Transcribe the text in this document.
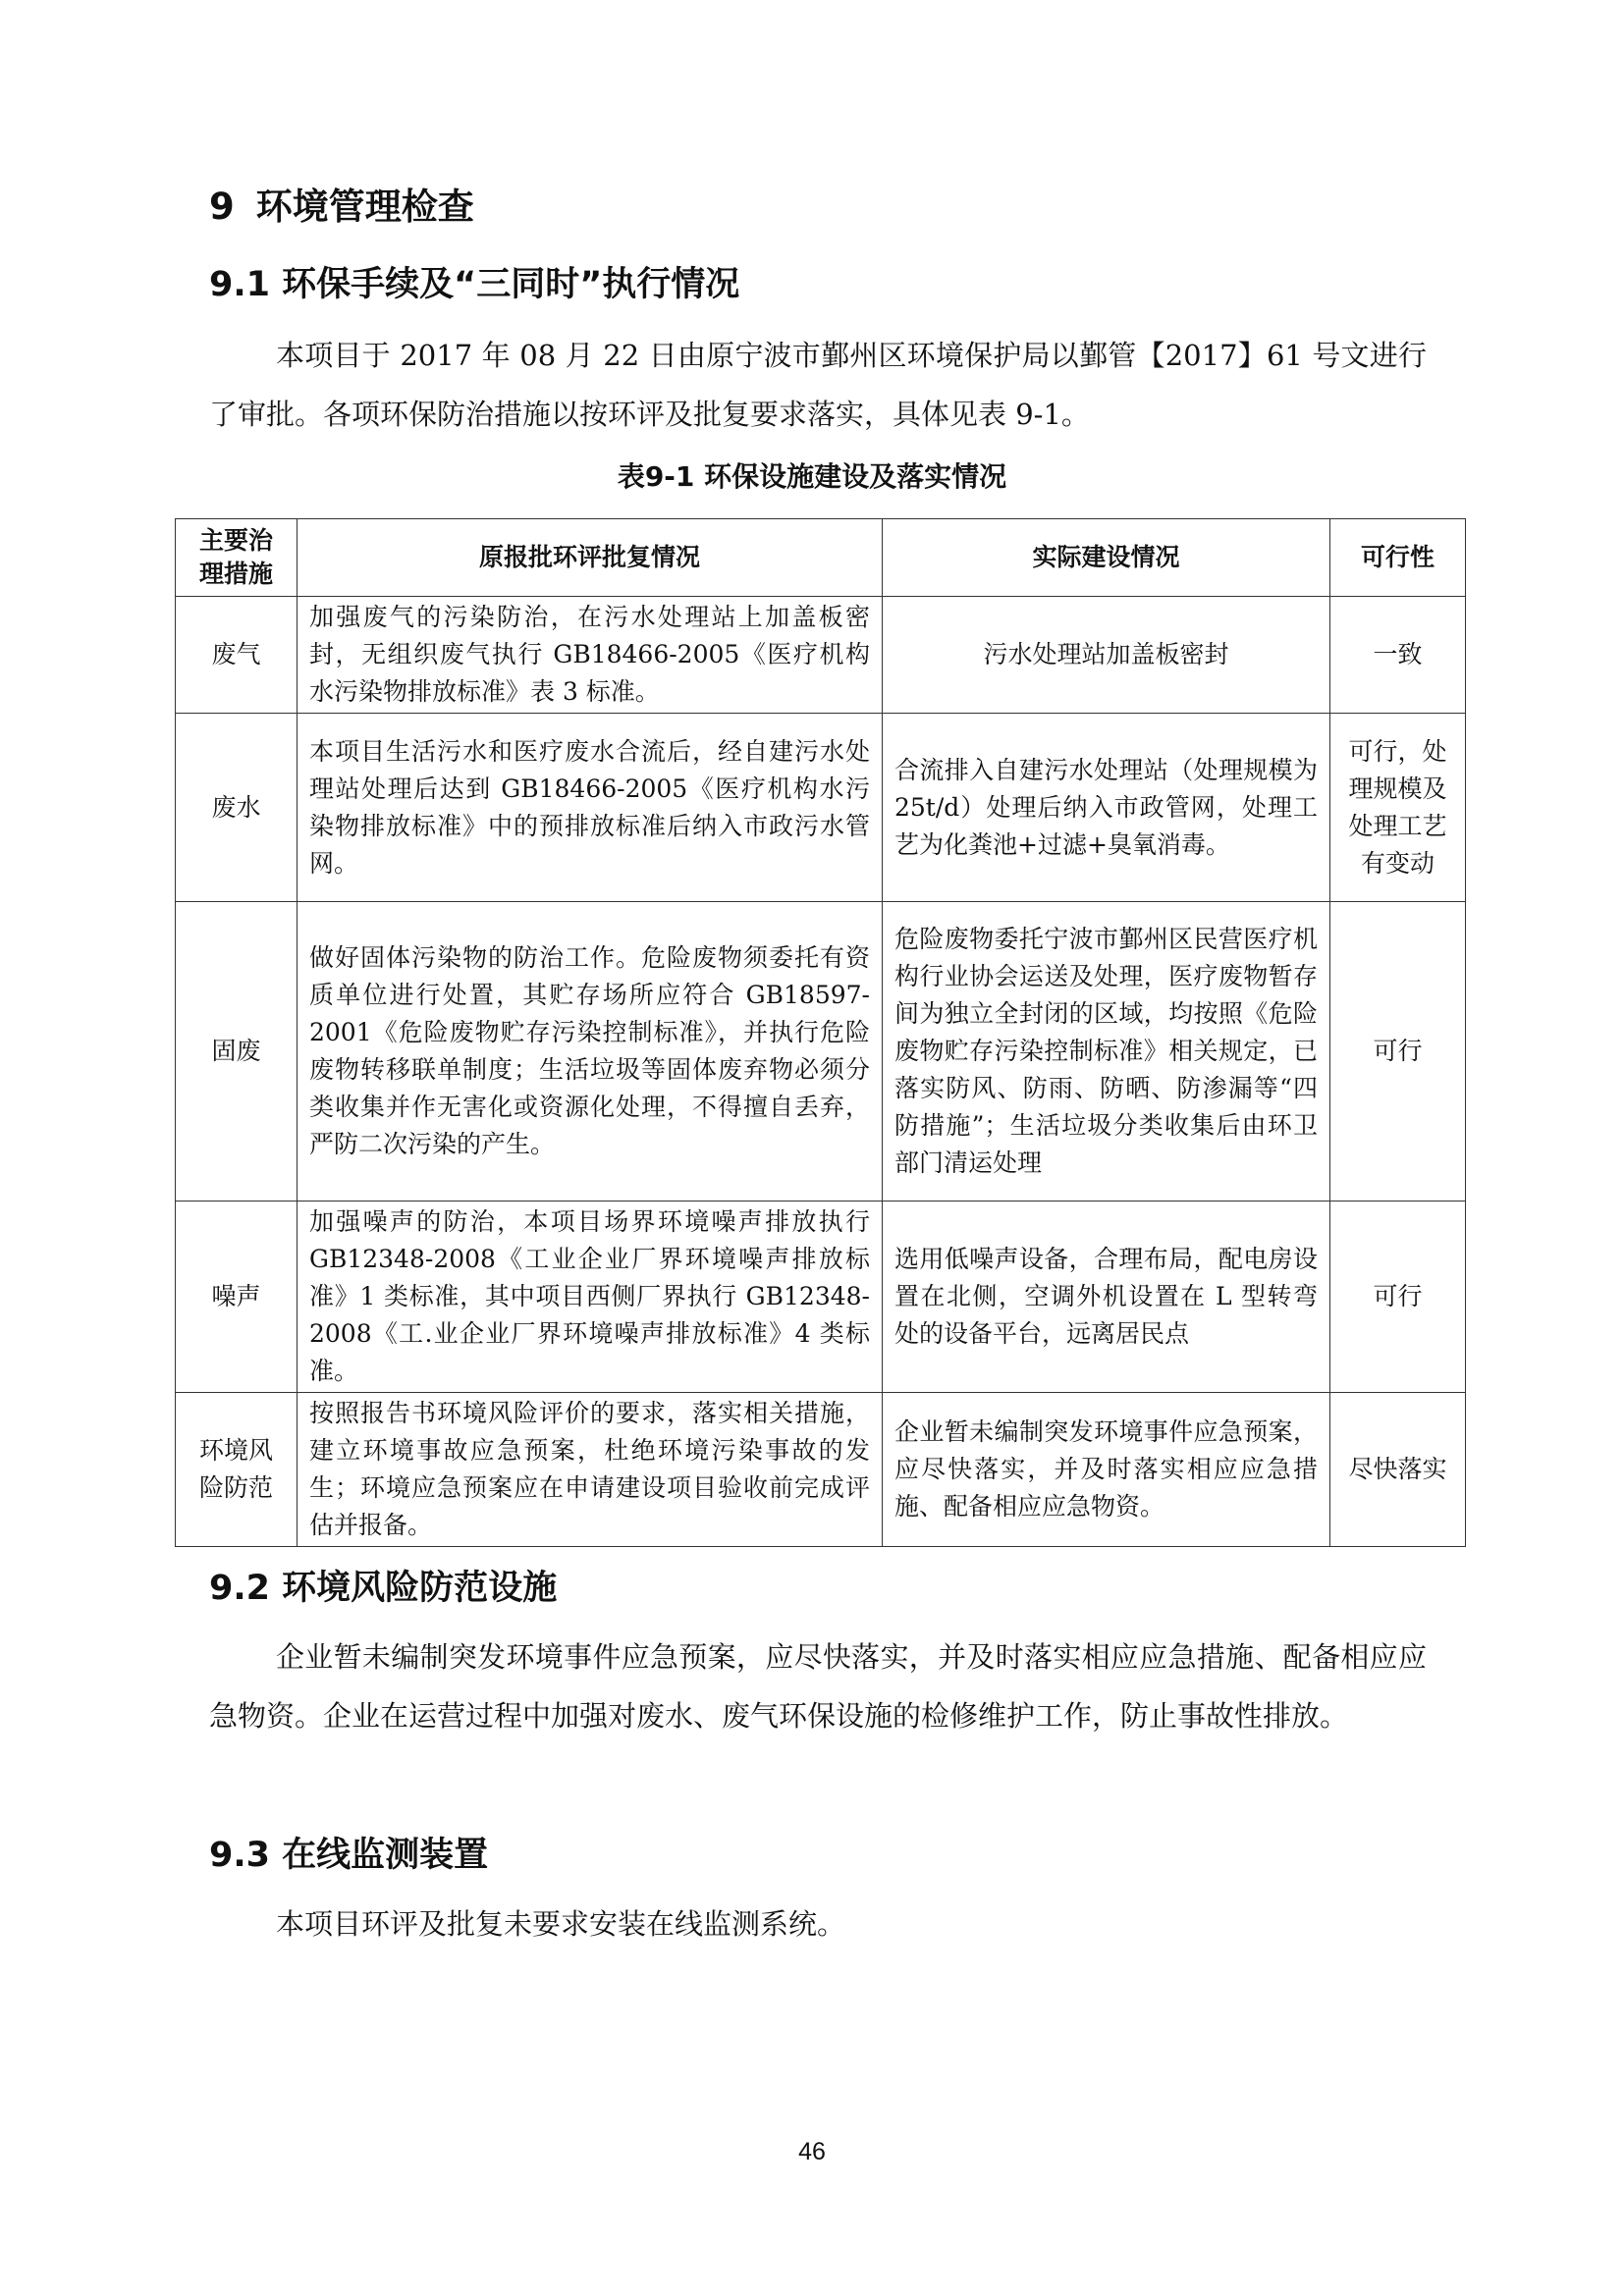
9 环境管理检查
9.1 环保手续及“三同时”执行情况

本项目于 2017 年 08 月 22 日由原宁波市鄞州区环境保护局以鄞管【2017】61 号文进行了审批。各项环保防治措施以按环评及批复要求落实，具体见表 9-1。

表9-1 环保设施建设及落实情况
主要治理措施	原报批环评批复情况	实际建设情况	可行性
废气	加强废气的污染防治，在污水处理站上加盖板密封，无组织废气执行 GB18466-2005《医疗机构水污染物排放标准》表 3 标准。	污水处理站加盖板密封	一致
废水	本项目生活污水和医疗废水合流后，经自建污水处理站处理后达到 GB18466-2005《医疗机构水污染物排放标准》中的预排放标准后纳入市政污水管网。	合流排入自建污水处理站（处理规模为 25t/d）处理后纳入市政管网，处理工艺为化粪池+过滤+臭氧消毒。	可行，处理规模及处理工艺有变动
固废	做好固体污染物的防治工作。危险废物须委托有资质单位进行处置，其贮存场所应符合 GB18597-2001《危险废物贮存污染控制标准》，并执行危险废物转移联单制度；生活垃圾等固体废弃物必须分类收集并作无害化或资源化处理，不得擅自丢弃，严防二次污染的产生。	危险废物委托宁波市鄞州区民营医疗机构行业协会运送及处理，医疗废物暂存间为独立全封闭的区域，均按照《危险废物贮存污染控制标准》相关规定，已落实防风、防雨、防晒、防渗漏等“四防措施”；生活垃圾分类收集后由环卫部门清运处理	可行
噪声	加强噪声的防治，本项目场界环境噪声排放执行 GB12348-2008《工业企业厂界环境噪声排放标准》1 类标准，其中项目西侧厂界执行 GB12348-2008《工.业企业厂界环境噪声排放标准》4 类标准。	选用低噪声设备，合理布局，配电房设置在北侧，空调外机设置在 L 型转弯处的设备平台，远离居民点	可行
环境风险防范	按照报告书环境风险评价的要求，落实相关措施，建立环境事故应急预案，杜绝环境污染事故的发生；环境应急预案应在申请建设项目验收前完成评估并报备。	企业暂未编制突发环境事件应急预案，应尽快落实，并及时落实相应应急措施、配备相应应急物资。	尽快落实
9.2 环境风险防范设施

企业暂未编制突发环境事件应急预案，应尽快落实，并及时落实相应应急措施、配备相应应急物资。企业在运营过程中加强对废水、废气环保设施的检修维护工作，防止事故性排放。

9.3 在线监测装置

本项目环评及批复未要求安装在线监测系统。

46
